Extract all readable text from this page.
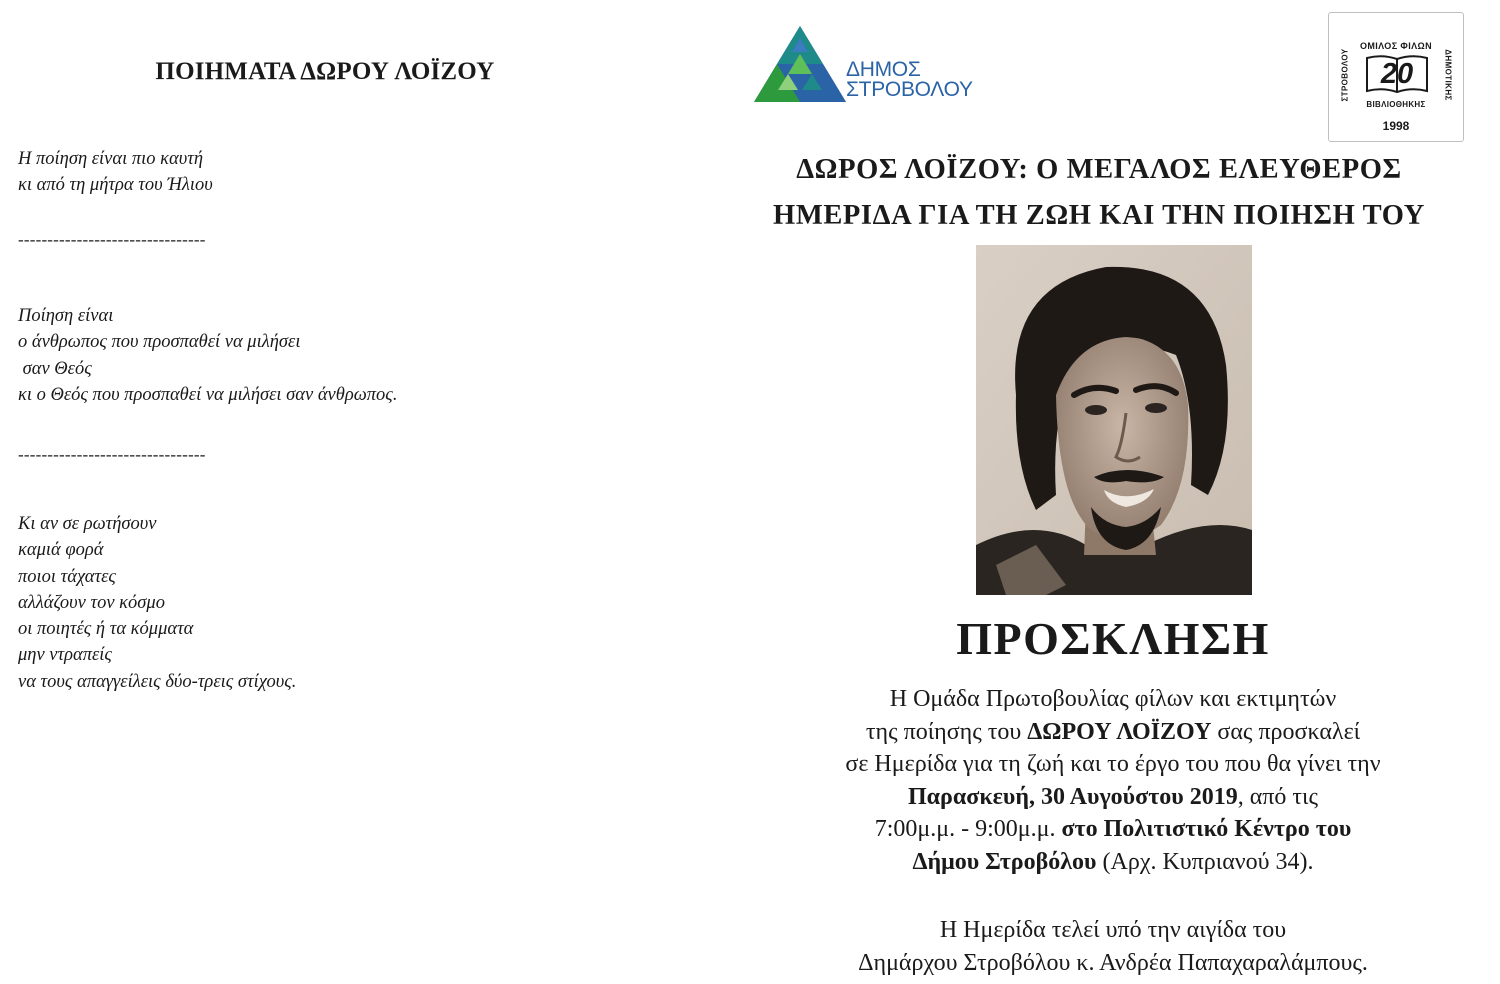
ΠΟΙΗΜΑΤΑ ΔΩΡΟΥ ΛΟΪΖΟΥ
Η ποίηση είναι πιο καυτή
κι από τη μήτρα του Ήλιου
--------------------------------
Ποίηση είναι
ο άνθρωπος που προσπαθεί να μιλήσει
σαν Θεός
κι ο Θεός που προσπαθεί να μιλήσει σαν άνθρωπος.
--------------------------------
Κι αν σε ρωτήσουν
καμιά φορά
ποιοι τάχατες
αλλάζουν τον κόσμο
οι ποιητές ή τα κόμματα
μην ντραπείς
να τους απαγγείλεις δύο-τρεις στίχους.
ΔΗΜΟΣ
ΣΤΡΟΒΟΛΟΥ
ΟΜΙΛΟΣ ΦΙΛΩΝ
20
ΣΤΡΟΒΟΛΟΥ	ΔΗΜΟΤΙΚΗΣ
ΒΙΒΛΙΟΘΗΚΗΣ
1998
ΔΩΡΟΣ ΛΟΪΖΟΥ: Ο ΜΕΓΑΛΟΣ ΕΛΕΥΘΕΡΟΣ
ΗΜΕΡΙΔΑ ΓΙΑ ΤΗ ΖΩΗ ΚΑΙ ΤΗΝ ΠΟΙΗΣΗ ΤΟΥ
ΠΡΟΣΚΛΗΣΗ
Η Ομάδα Πρωτοβουλίας φίλων και εκτιμητών
της ποίησης του ΔΩΡΟΥ ΛΟΪΖΟΥ σας προσκαλεί
σε Ημερίδα για τη ζωή και το έργο του που θα γίνει την
Παρασκευή, 30 Αυγούστου 2019, από τις
7:00μ.μ. - 9:00μ.μ. στο Πολιτιστικό Κέντρο του
Δήμου Στροβόλου (Αρχ. Κυπριανού 34).
Η Ημερίδα τελεί υπό την αιγίδα του
Δημάρχου Στροβόλου κ. Ανδρέα Παπαχαραλάμπους.
